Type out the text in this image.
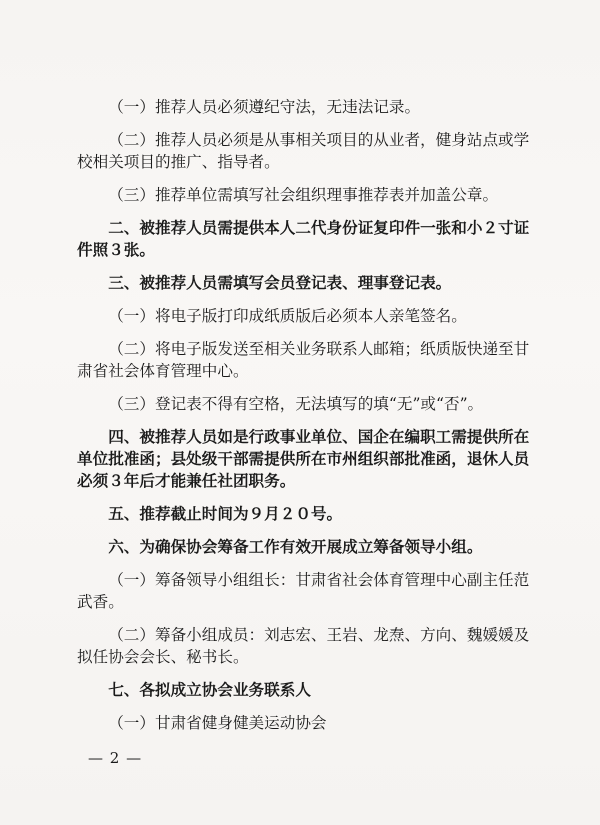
（一）推荐人员必须遵纪守法，无违法记录。

（二）推荐人员必须是从事相关项目的从业者，健身站点或学校相关项目的推广、指导者。

（三）推荐单位需填写社会组织理事推荐表并加盖公章。

二、被推荐人员需提供本人二代身份证复印件一张和小２寸证件照３张。

三、被推荐人员需填写会员登记表、理事登记表。

（一）将电子版打印成纸质版后必须本人亲笔签名。

（二）将电子版发送至相关业务联系人邮箱；纸质版快递至甘肃省社会体育管理中心。

（三）登记表不得有空格，无法填写的填“无”或“否”。

四、被推荐人员如是行政事业单位、国企在编职工需提供所在单位批准函；县处级干部需提供所在市州组织部批准函，退休人员必须３年后才能兼任社团职务。

五、推荐截止时间为９月２０号。

六、为确保协会筹备工作有效开展成立筹备领导小组。

（一）筹备领导小组组长：甘肃省社会体育管理中心副主任范武香。

（二）筹备小组成员：刘志宏、王岩、龙焘、方向、魏媛媛及拟任协会会长、秘书长。

七、各拟成立协会业务联系人

（一）甘肃省健身健美运动协会

— 2 —
